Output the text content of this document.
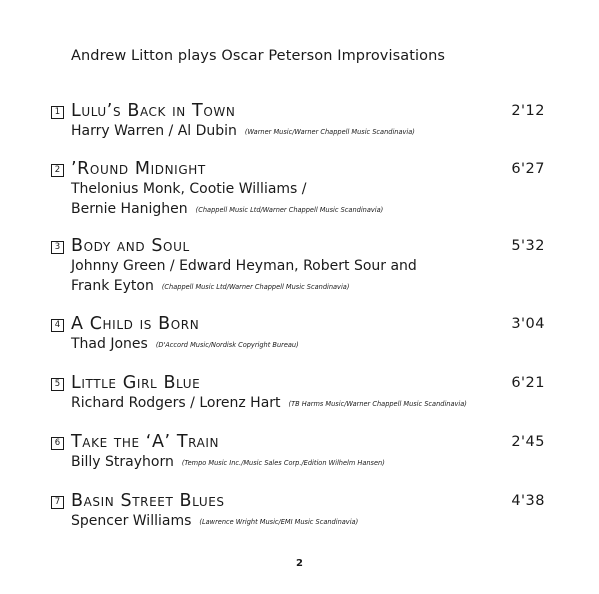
Andrew Litton plays Oscar Peterson Improvisations
1 Lulu’s Back in Town	2'12
Harry Warren / Al Dubin (Warner Music/Warner Chappell Music Scandinavia)
2 ’Round Midnight	6'27
Thelonius Monk, Cootie Williams /
Bernie Hanighen (Chappell Music Ltd/Warner Chappell Music Scandinavia)
3 Body and Soul	5'32
Johnny Green / Edward Heyman, Robert Sour and
Frank Eyton (Chappell Music Ltd/Warner Chappell Music Scandinavia)
4 A Child is Born	3'04
Thad Jones (D'Accord Music/Nordisk Copyright Bureau)
5 Little Girl Blue	6'21
Richard Rodgers / Lorenz Hart (TB Harms Music/Warner Chappell Music Scandinavia)
6 Take the ‘A’ Train	2'45
Billy Strayhorn (Tempo Music Inc./Music Sales Corp./Edition Wilhelm Hansen)
7 Basin Street Blues	4'38
Spencer Williams (Lawrence Wright Music/EMI Music Scandinavia)
2
